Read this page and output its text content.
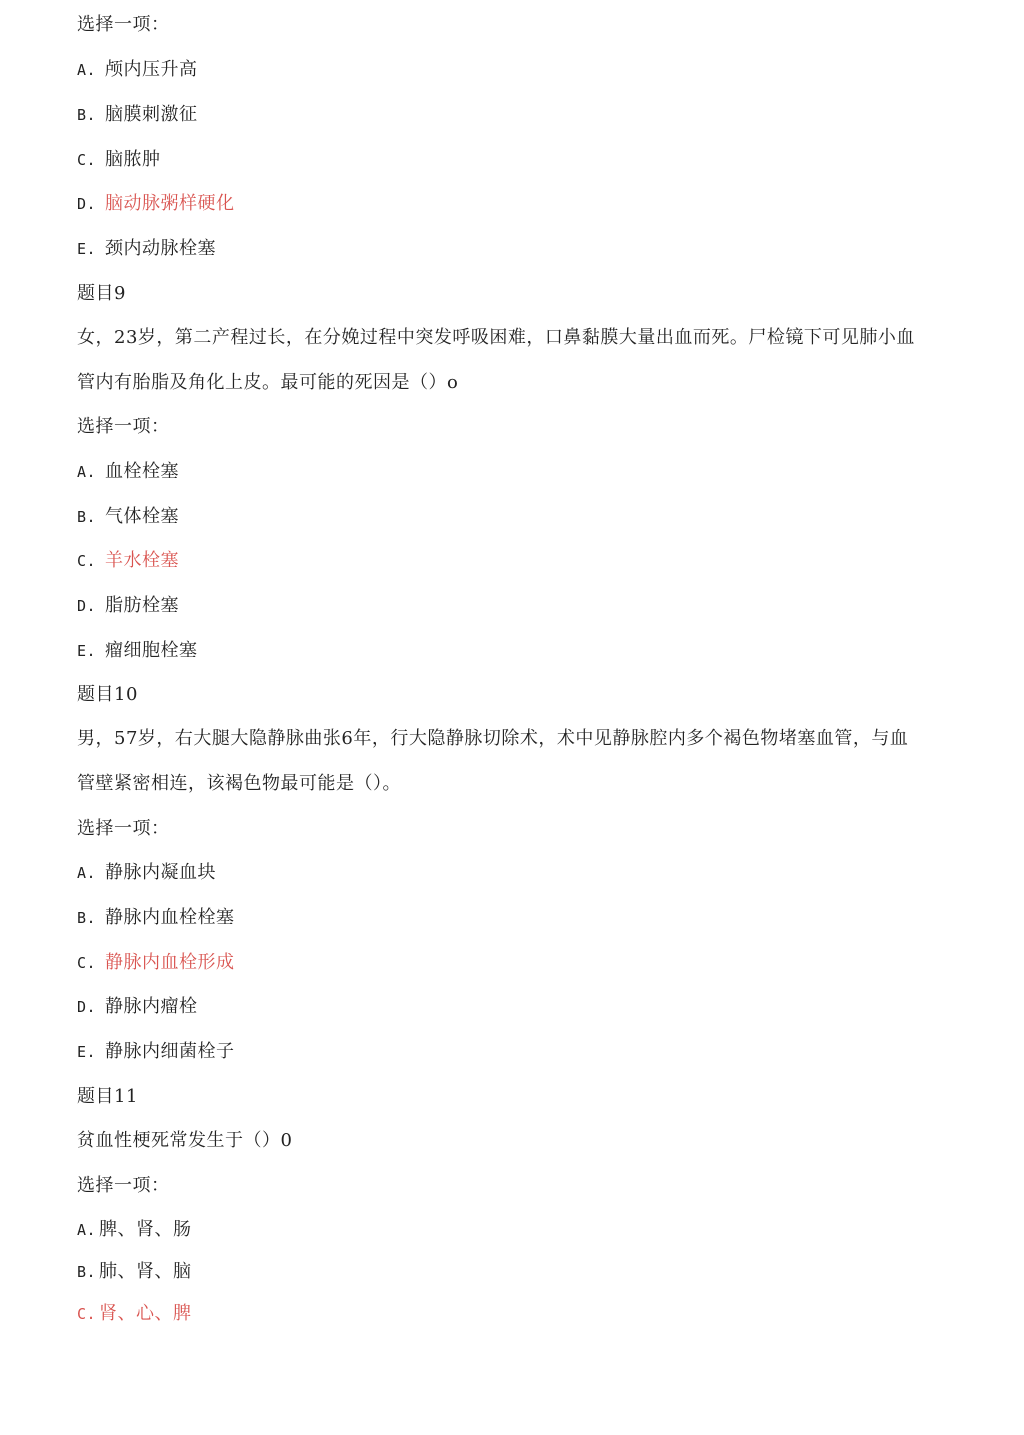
选择一项：
A. 颅内压升高
B. 脑膜刺激征
C. 脑脓肿
D. 脑动脉粥样硬化
E. 颈内动脉栓塞
题目9
女，23岁，第二产程过长，在分娩过程中突发呼吸困难，口鼻黏膜大量出血而死。尸检镜下可见肺小血
管内有胎脂及角化上皮。最可能的死因是（）o
选择一项：
A. 血栓栓塞
B. 气体栓塞
C. 羊水栓塞
D. 脂肪栓塞
E. 瘤细胞栓塞
题目10
男，57岁，右大腿大隐静脉曲张6年，行大隐静脉切除术，术中见静脉腔内多个褐色物堵塞血管，与血
管壁紧密相连，该褐色物最可能是（）。
选择一项：
A. 静脉内凝血块
B. 静脉内血栓栓塞
C. 静脉内血栓形成
D. 静脉内瘤栓
E. 静脉内细菌栓子
题目11
贫血性梗死常发生于（）0
选择一项：
A. 脾、肾、肠
B. 肺、肾、脑
C. 肾、心、脾
